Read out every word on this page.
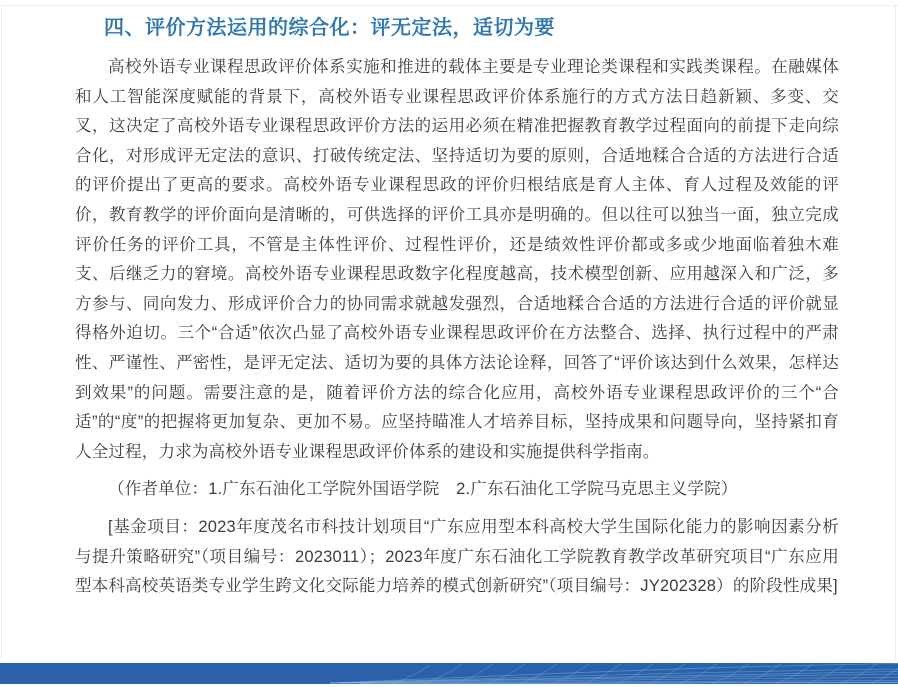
四、评价方法运用的综合化：评无定法，适切为要

高校外语专业课程思政评价体系实施和推进的载体主要是专业理论类课程和实践类课程。在融媒体和人工智能深度赋能的背景下，高校外语专业课程思政评价体系施行的方式方法日趋新颖、多变、交叉，这决定了高校外语专业课程思政评价方法的运用必须在精准把握教育教学过程面向的前提下走向综合化，对形成评无定法的意识、打破传统定法、坚持适切为要的原则，合适地糅合合适的方法进行合适的评价提出了更高的要求。高校外语专业课程思政的评价归根结底是育人主体、育人过程及效能的评价，教育教学的评价面向是清晰的，可供选择的评价工具亦是明确的。但以往可以独当一面，独立完成评价任务的评价工具，不管是主体性评价、过程性评价，还是绩效性评价都或多或少地面临着独木难支、后继乏力的窘境。高校外语专业课程思政数字化程度越高，技术模型创新、应用越深入和广泛，多方参与、同向发力、形成评价合力的协同需求就越发强烈，合适地糅合合适的方法进行合适的评价就显得格外迫切。三个“合适”依次凸显了高校外语专业课程思政评价在方法整合、选择、执行过程中的严肃性、严谨性、严密性，是评无定法、适切为要的具体方法论诠释，回答了“评价该达到什么效果，怎样达到效果”的问题。需要注意的是，随着评价方法的综合化应用，高校外语专业课程思政评价的三个“合适”的“度”的把握将更加复杂、更加不易。应坚持瞄准人才培养目标，坚持成果和问题导向，坚持紧扣育人全过程，力求为高校外语专业课程思政评价体系的建设和实施提供科学指南。

（作者单位：1.广东石油化工学院外国语学院　2.广东石油化工学院马克思主义学院）

[基金项目：2023年度茂名市科技计划项目“广东应用型本科高校大学生国际化能力的影响因素分析与提升策略研究”（项目编号：2023011）；2023年度广东石油化工学院教育教学改革研究项目“广东应用型本科高校英语类专业学生跨文化交际能力培养的模式创新研究”（项目编号：JY202328）的阶段性成果]
